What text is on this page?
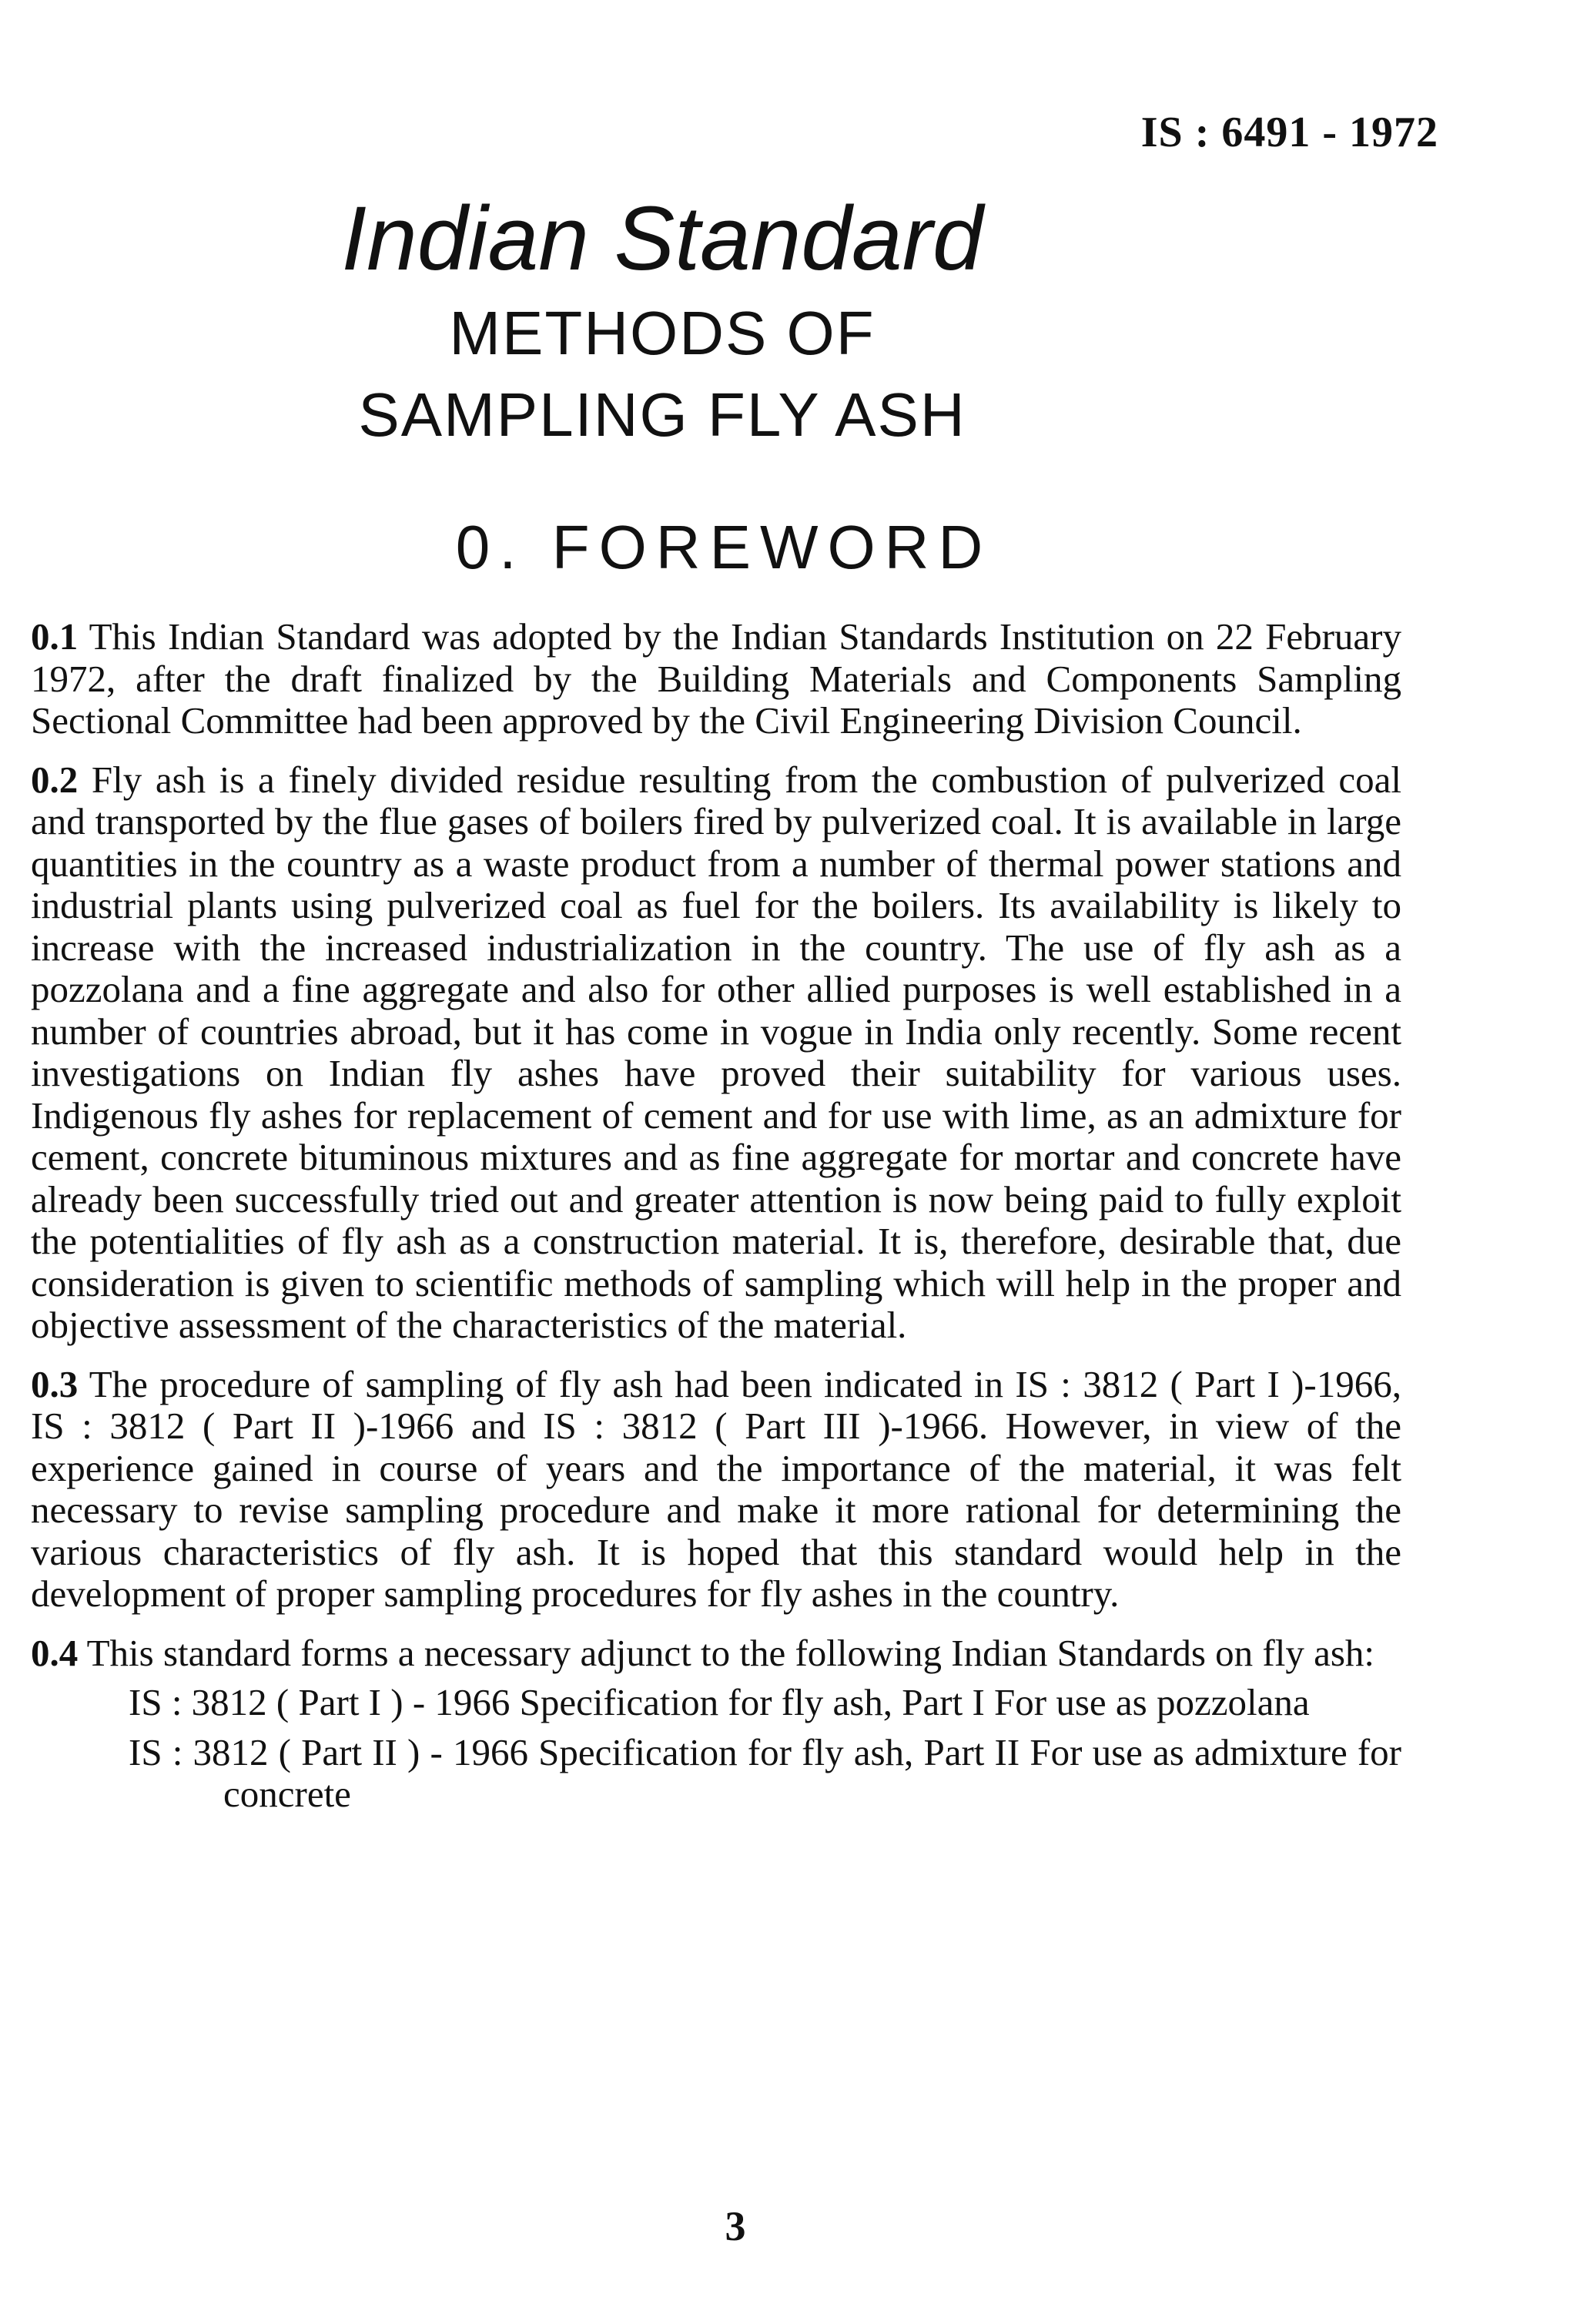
IS : 6491 - 1972

Indian Standard

METHODS OF

SAMPLING FLY ASH

0. FOREWORD

0.1 This Indian Standard was adopted by the Indian Standards Institution on 22 February 1972, after the draft finalized by the Building Materials and Components Sampling Sectional Committee had been approved by the Civil Engineering Division Council.

0.2 Fly ash is a finely divided residue resulting from the combustion of pulverized coal and transported by the flue gases of boilers fired by pulverized coal. It is available in large quantities in the country as a waste product from a number of thermal power stations and industrial plants using pulverized coal as fuel for the boilers. Its availability is likely to increase with the increased industrialization in the country. The use of fly ash as a pozzolana and a fine aggregate and also for other allied purposes is well established in a number of countries abroad, but it has come in vogue in India only recently. Some recent investigations on Indian fly ashes have proved their suitability for various uses. Indigenous fly ashes for replacement of cement and for use with lime, as an admixture for cement, concrete bituminous mixtures and as fine aggregate for mortar and concrete have already been successfully tried out and greater attention is now being paid to fully exploit the potentialities of fly ash as a construction material. It is, therefore, desirable that, due consideration is given to scientific methods of sampling which will help in the proper and objective assessment of the characteristics of the material.

0.3 The procedure of sampling of fly ash had been indicated in IS : 3812 ( Part I )-1966, IS : 3812 ( Part II )-1966 and IS : 3812 ( Part III )-1966. However, in view of the experience gained in course of years and the importance of the material, it was felt necessary to revise sampling procedure and make it more rational for determining the various characteristics of fly ash. It is hoped that this standard would help in the development of proper sampling procedures for fly ashes in the country.

0.4 This standard forms a necessary adjunct to the following Indian Standards on fly ash:

IS : 3812 ( Part I ) - 1966 Specification for fly ash, Part I For use as pozzolana

IS : 3812 ( Part II ) - 1966 Specification for fly ash, Part II For use as admixture for concrete

3
